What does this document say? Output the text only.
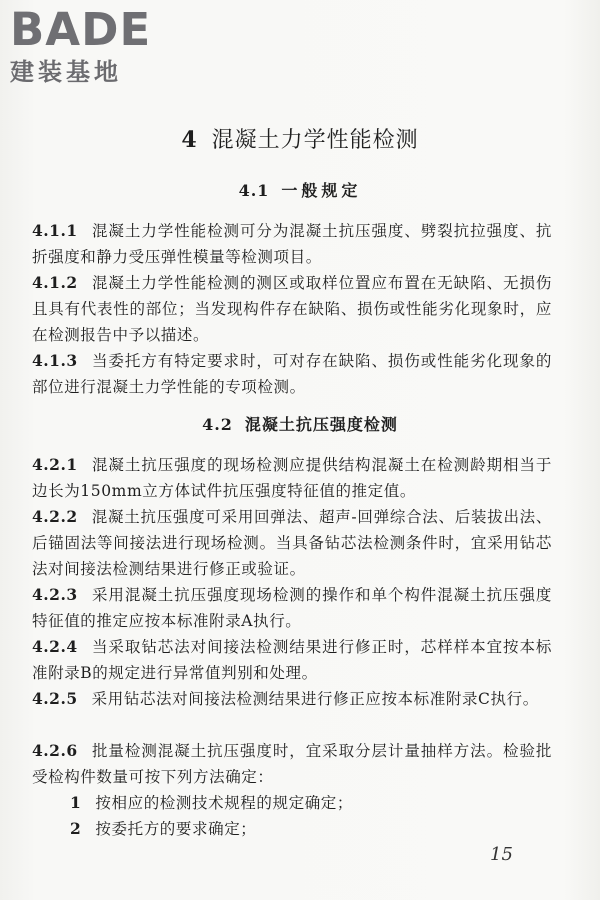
BADE
建装基地
4 混凝土力学性能检测
4.1 一般规定
4.1.1 混凝土力学性能检测可分为混凝土抗压强度、劈裂抗拉强度、抗折强度和静力受压弹性模量等检测项目。
4.1.2 混凝土力学性能检测的测区或取样位置应布置在无缺陷、无损伤且具有代表性的部位；当发现构件存在缺陷、损伤或性能劣化现象时，应在检测报告中予以描述。
4.1.3 当委托方有特定要求时，可对存在缺陷、损伤或性能劣化现象的部位进行混凝土力学性能的专项检测。
4.2 混凝土抗压强度检测
4.2.1 混凝土抗压强度的现场检测应提供结构混凝土在检测龄期相当于边长为150mm立方体试件抗压强度特征值的推定值。
4.2.2 混凝土抗压强度可采用回弹法、超声-回弹综合法、后装拔出法、后锚固法等间接法进行现场检测。当具备钻芯法检测条件时，宜采用钻芯法对间接法检测结果进行修正或验证。
4.2.3 采用混凝土抗压强度现场检测的操作和单个构件混凝土抗压强度特征值的推定应按本标准附录A执行。
4.2.4 当采取钻芯法对间接法检测结果进行修正时，芯样样本宜按本标准附录B的规定进行异常值判别和处理。
4.2.5 采用钻芯法对间接法检测结果进行修正应按本标准附录C执行。
4.2.6 批量检测混凝土抗压强度时，宜采取分层计量抽样方法。检验批受检构件数量可按下列方法确定：
1 按相应的检测技术规程的规定确定；
2 按委托方的要求确定；
15
